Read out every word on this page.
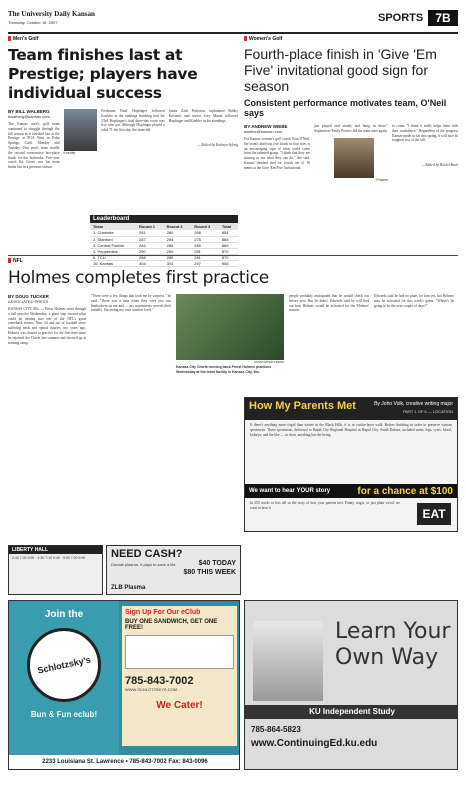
The University Daily Kansan
Thursday, October 18, 2007	SPORTS	7B
Men's Golf
Team finishes last at Prestige; players have individual success
BY BILL WALBERG
bwalberg@kansan.com
The Kansas men's golf team continued to struggle through the fall season as it finished last at the Prestige at PGA West in Palm Springs, Calif. Monday and Tuesday. This year's team shuffle the second consecutive last-place finish for the Jayhawks. Five-year coach Kit Grove saw his team finish last in a previous season.
Koehler
Freshman Brad Hopfinger followed Koehler in the rankings finishing tied for 23rd. Hopfinger's total three-day score was five over par. Although Hopfinger played a solid 71 the first day, the team fell.
Junior Zach Pederson, sophomore Bobby Kocsmic and senior Joey Muntz followed Hopfinger and Koehler in the standings.
— Edited by Kathryn Sybrig
Leaderboard
Team	Round 1	Round 2	Round 3	Total
1. Charlotte	281	280	268	854
2. Stanford	287	284	278	865
3. Central Florida	284	286	289	869
4. Pepperdine	290	280	281	870
5. TCU	288	286	281	870
16. Kansas	304	304	297	905
Women's Golf
Fourth-place finish in 'Give 'Em Five' invitational good sign for season
Consistent performance motivates team, O'Neil says
BY ANDREW WIEBE
awiebe@kansan.com
For Kansas women's golf coach, Erin O'Neil, the team's third top five finish in four tries is an encouraging sign of what could come from the talented group. "I think that they are starting to see what they can do," she said. Kansas finished tied for fourth out of 16 teams at the Give 'Em Five Invitational.
just played real steady and hung in there." Sophomore Emily Powers led the team once again.
Powers
to come. "I think it really helps them with their confidence." Regardless of the progress Kansas made so far this spring, it will face its toughest test of the fall.
— Edited by Rachel Bock
NFL
Holmes completes first practice
BY DOUG TUCKER
ASSOCIATED PRESS
KANSAS CITY, Mo. — Priest Holmes went through a full practice Wednesday, a giant step toward what could be turning into one of the NFL's great comeback stories. Now 34 and out of football since suffering neck and spinal injuries two years ago, Holmes was cleared to practice for the first time since he rejoined the Chiefs last summer and showed up at training camp.
"There were a few things that took me by surprise," he said. "There was a time when they were just two linebackers on me and — my movements weren't their initially. I'm seeing my own comfort level."
ASSOCIATED PRESS
Kansas City Chiefs running back Priest Holmes practices Wednesday at the team facility in Kansas City, Mo.
people probably anticipated that he would check out before now. But he didn't. Edwards said he will find out how Holmes would be activated for the 'Holmes' season.
Edwards said he had no plans for him yet, but Holmes may be activated for this week's game. "Where's he going to be the next couple of days?"
How My Parents Met	By John Volk, creative writing major
PART 1 OF 6 — LOCATION
If there's anything more frigid than winter in the Black Hills, it is in cookie-layer walk. Before finishing in order to preserve various specimens. These specimens, delivered to Rapid City Regional Hospital in Rapid City, South Dakota, included urine, legs, cysts, blood, kidneys, and the like — in short, anything but the living.
We want to hear YOUR story	for a chance at $100
In 250 words or less tell us the story of how your parents met. Funny, tragic, or just plain weird, we want to hear it.	EAT
LIBERTY HALL
2:40 7:00 9:30 · 4:30 7:10 9:40 · 5:00 7:20 9:50	NEED CASH?
Donate plasma. It pays to save a life.	$40 TODAY
$80 THIS WEEK
ZLB Plasma
Join the
Schlotzsky's
Bun & Fun eclub!
Sign Up For Our eClub
BUY ONE SANDWICH, GET ONE FREE!
785-843-7002
WWW.SCHLOTZSKYS.COM
We Cater!
2233 Louisiana St. Lawrence • 785-843-7002 Fax: 843-0096
Learn Your Own Way
KU Independent Study
785-864-5823
www.ContinuingEd.ku.edu
